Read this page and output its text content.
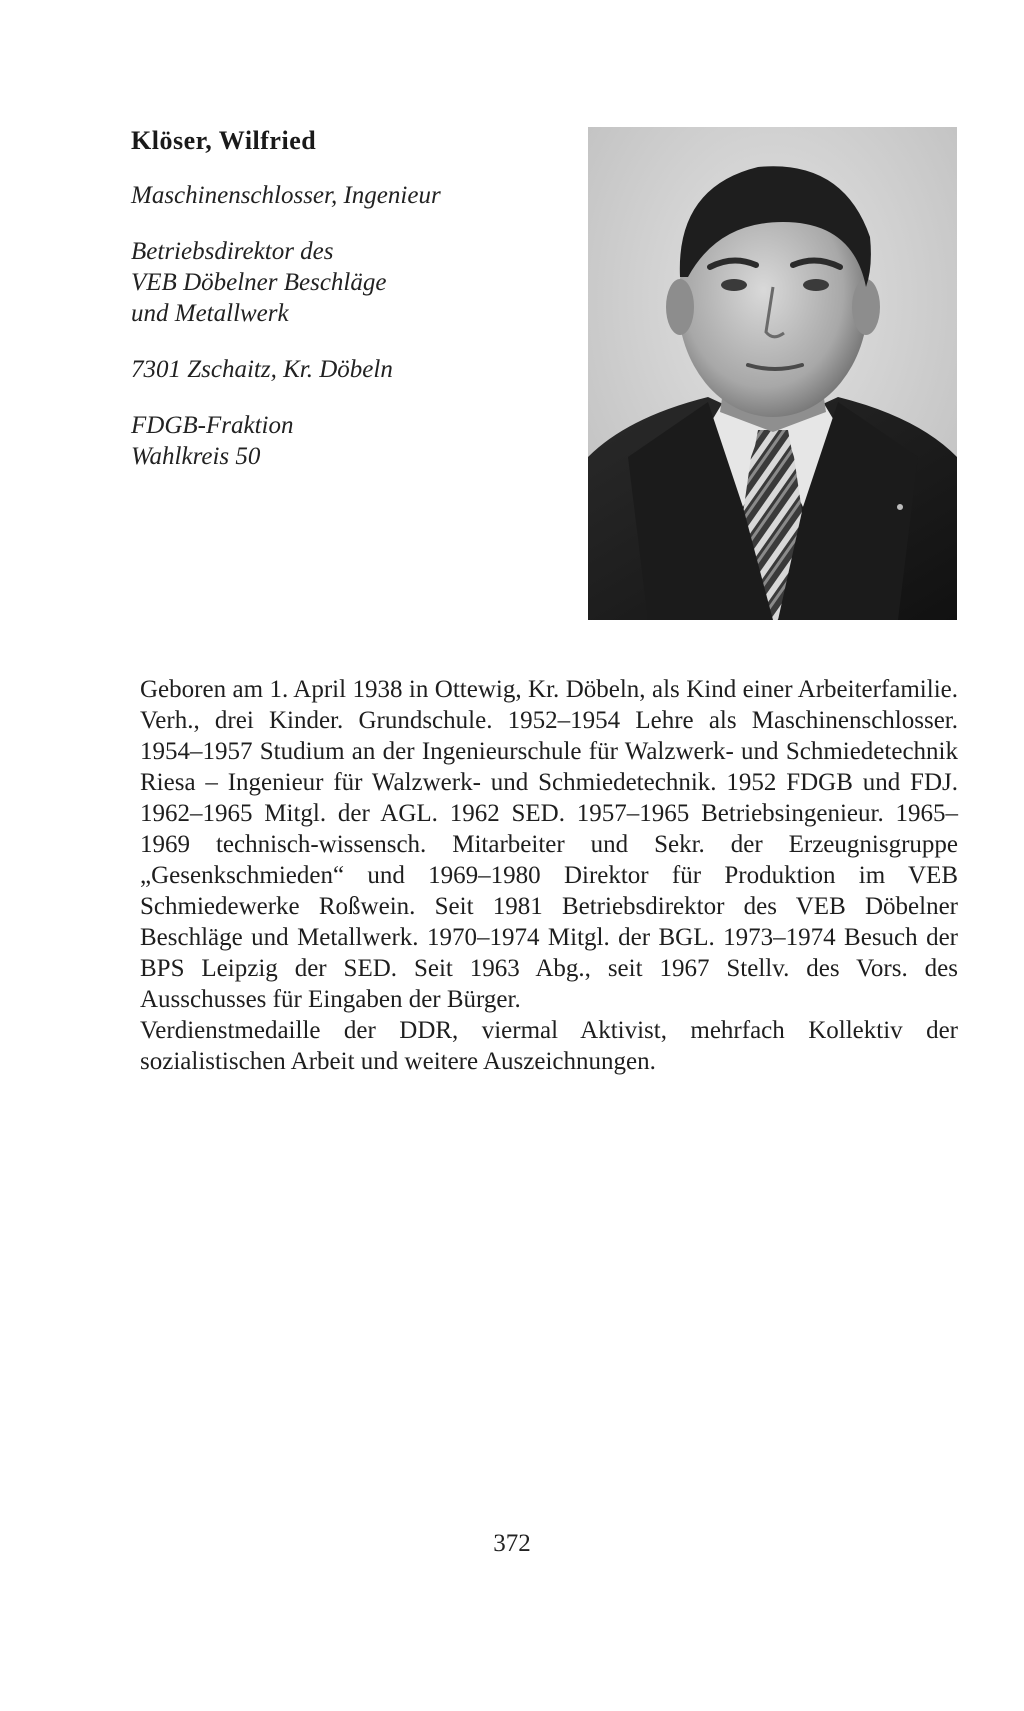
Klöser, Wilfried
Maschinenschlosser, Ingenieur
Betriebsdirektor des
VEB Döbelner Beschläge
und Metallwerk
7301 Zschaitz, Kr. Döbeln
FDGB-Fraktion
Wahlkreis 50

Geboren am 1. April 1938 in Ottewig, Kr. Döbeln, als Kind einer Arbeiterfamilie. Verh., drei Kinder. Grundschule. 1952–1954 Lehre als Maschinenschlosser. 1954–1957 Studium an der Ingenieurschule für Walzwerk- und Schmiedetechnik Riesa – Ingenieur für Walzwerk- und Schmiedetechnik. 1952 FDGB und FDJ. 1962–1965 Mitgl. der AGL. 1962 SED. 1957–1965 Betriebsingenieur. 1965–1969 technisch-wissensch. Mitarbeiter und Sekr. der Erzeugnisgruppe „Gesenkschmieden“ und 1969–1980 Direktor für Produktion im VEB Schmiedewerke Roßwein. Seit 1981 Betriebsdirektor des VEB Döbelner Beschläge und Metallwerk. 1970–1974 Mitgl. der BGL. 1973–1974 Besuch der BPS Leipzig der SED. Seit 1963 Abg., seit 1967 Stellv. des Vors. des Ausschusses für Eingaben der Bürger.

Verdienstmedaille der DDR, viermal Aktivist, mehrfach Kollektiv der sozialistischen Arbeit und weitere Auszeichnungen.

372
